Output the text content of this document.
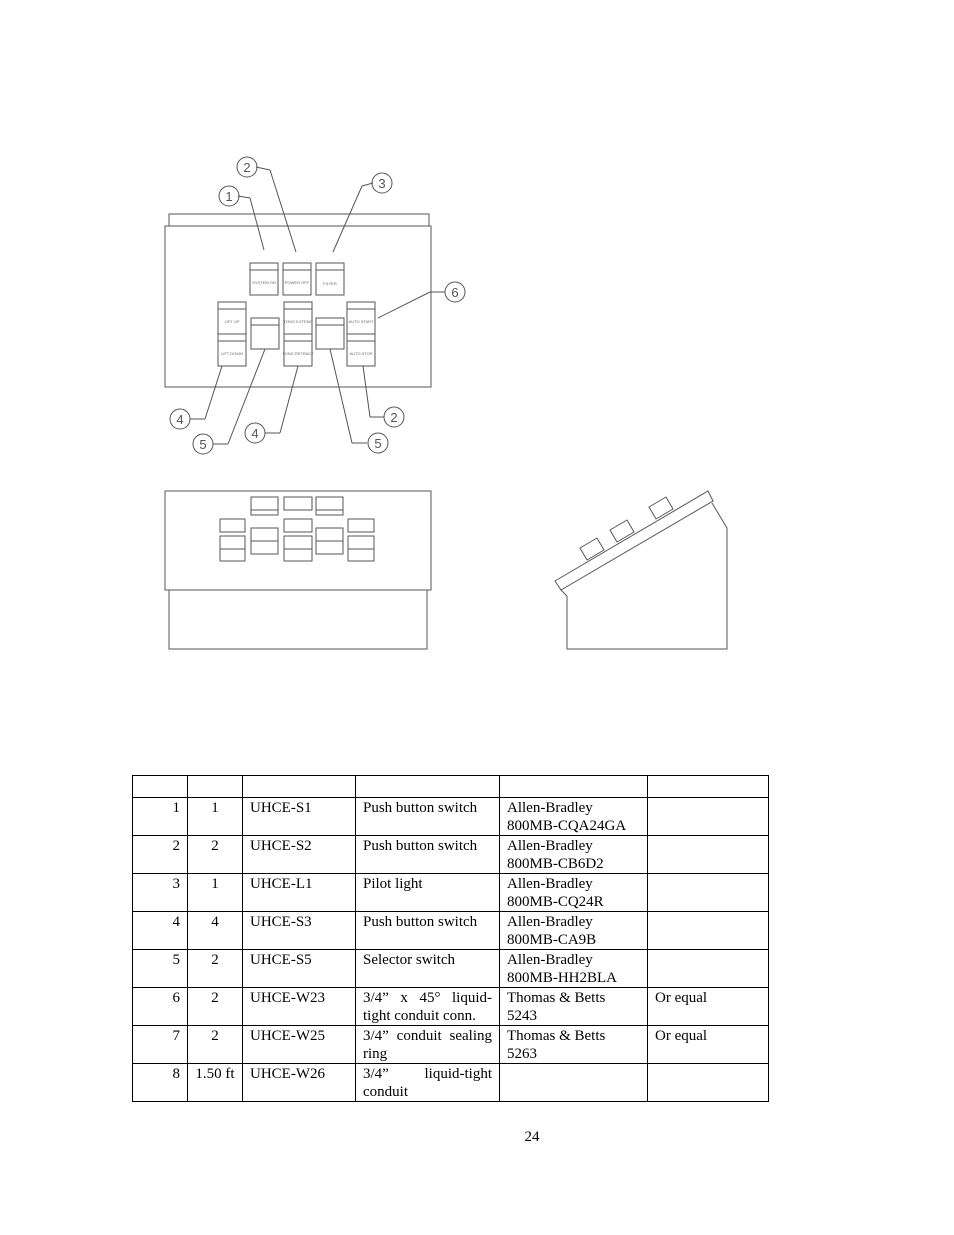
1
2
3
6
4
5
4
5
2
SYSTEM ON POWER OFF	FILTER
LIFT UP
LIFT DOWN
TONG EXTEND
TONG RETRACT
AUTO START
AUTO STOP

1	1	UHCE-S1	Push button switch	Allen-Bradley
800MB-CQA24GA	
2	2	UHCE-S2	Push button switch	Allen-Bradley
800MB-CB6D2	
3	1	UHCE-L1	Pilot light	Allen-Bradley
800MB-CQ24R	
4	4	UHCE-S3	Push button switch	Allen-Bradley
800MB-CA9B	
5	2	UHCE-S5	Selector switch	Allen-Bradley
800MB-HH2BLA	
6	2	UHCE-W23	3/4” x 45° liquid-tight conduit conn.	Thomas & Betts
5243	Or equal
7	2	UHCE-W25	3/4” conduit sealing ring	Thomas & Betts
5263	Or equal
8	1.50 ft	UHCE-W26	3/4” liquid-tight conduit	

24
